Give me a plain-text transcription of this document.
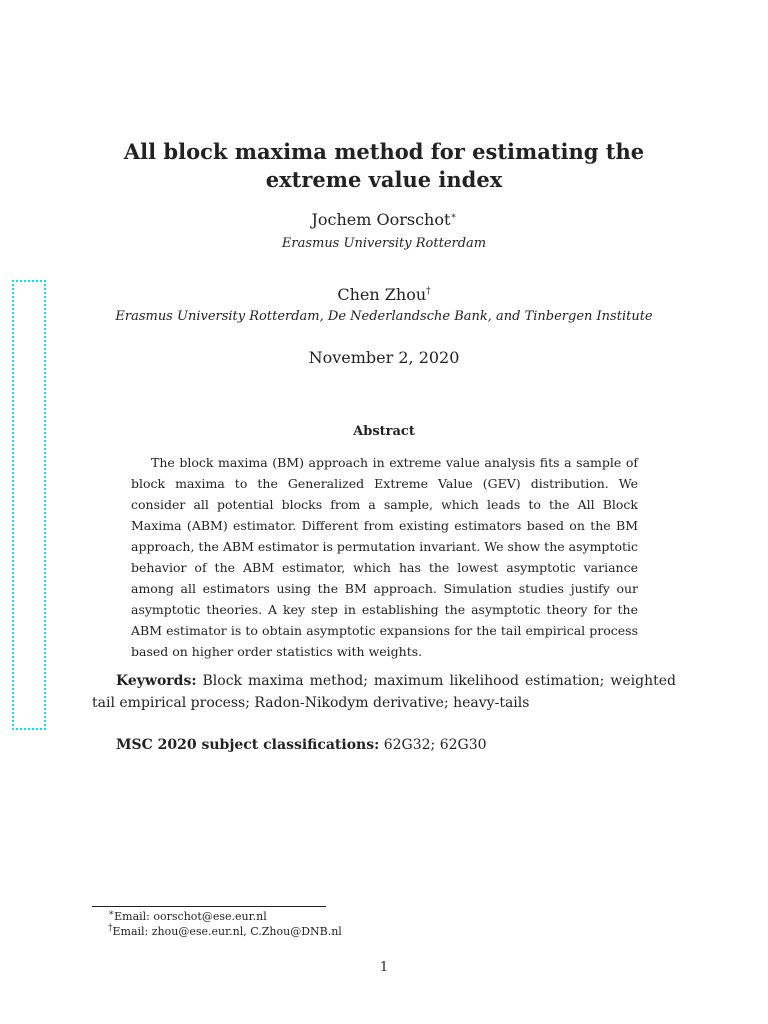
All block maxima method for estimating the extreme value index
Jochem Oorschot∗
Erasmus University Rotterdam
Chen Zhou†
Erasmus University Rotterdam, De Nederlandsche Bank, and Tinbergen Institute
November 2, 2020
Abstract
The block maxima (BM) approach in extreme value analysis fits a sample of block maxima to the Generalized Extreme Value (GEV) distribution. We consider all potential blocks from a sample, which leads to the All Block Maxima (ABM) estimator. Different from existing estimators based on the BM approach, the ABM estimator is permutation invariant. We show the asymptotic behavior of the ABM estimator, which has the lowest asymptotic variance among all estimators using the BM approach. Simulation studies justify our asymptotic theories. A key step in establishing the asymptotic theory for the ABM estimator is to obtain asymptotic expansions for the tail empirical process based on higher order statistics with weights.
Keywords: Block maxima method; maximum likelihood estimation; weighted tail empirical process; Radon-Nikodym derivative; heavy-tails
MSC 2020 subject classifications: 62G32; 62G30
∗Email: oorschot@ese.eur.nl
†Email: zhou@ese.eur.nl, C.Zhou@DNB.nl
1
